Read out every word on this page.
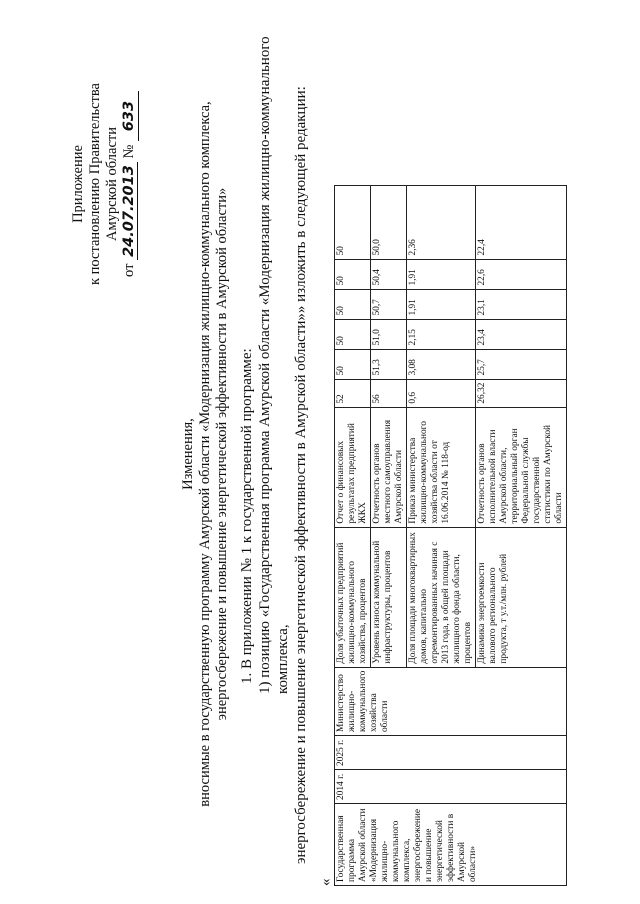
Приложение к постановлению Правительства Амурской области
от 24.07.2013 № 633
Изменения, вносимые в государственную программу Амурской области «Модернизация жилищно-коммунального комплекса, энергосбережение и повышение энергетической эффективности в Амурской области» 1. В приложении № 1 к государственной программе: 1) позицию «Государственная программа Амурской области «Модернизация жилищно-коммунального комплекса, энергосбережение и повышение энергетической эффективности в Амурской области»» изложить в следующей редакции:
«
Государственная программа Амурской области «Модернизация жилищно-коммунального комплекса, энергосбережение и повышение энергетической эффективности в Амурской области»	2014 г.	2025 г.	Министерство жилищно-коммунального хозяйства области	Доля убыточных предприятий жилищно-коммунального хозяйства, процентов	Отчет о финансовых результатах предприятий ЖКХ	52	50	50	50	50	50
				Уровень износа коммунальной инфраструктуры, процентов	Отчетность органов местного самоуправления Амурской области	56	51,3	51,0	50,7	50,4	50,0
				Доля площади многоквартирных домов, капитально отремонтированных начиная с 2013 года, в общей площади жилищного фонда области, процентов	Приказ министерства жилищно-коммунального хозяйства области от 16.06.2014 № 118-од	0,6	3,08	2,15	1,91	1,91	2,36
				Динамика энергоемкости валового регионального продукта, т у.т./млн. рублей	Отчетность органов исполнительной власти Амурской области, территориальный орган Федеральной службы государственной статистики по Амурской области	26,32	25,7	23,4	23,1	22,6	22,4
